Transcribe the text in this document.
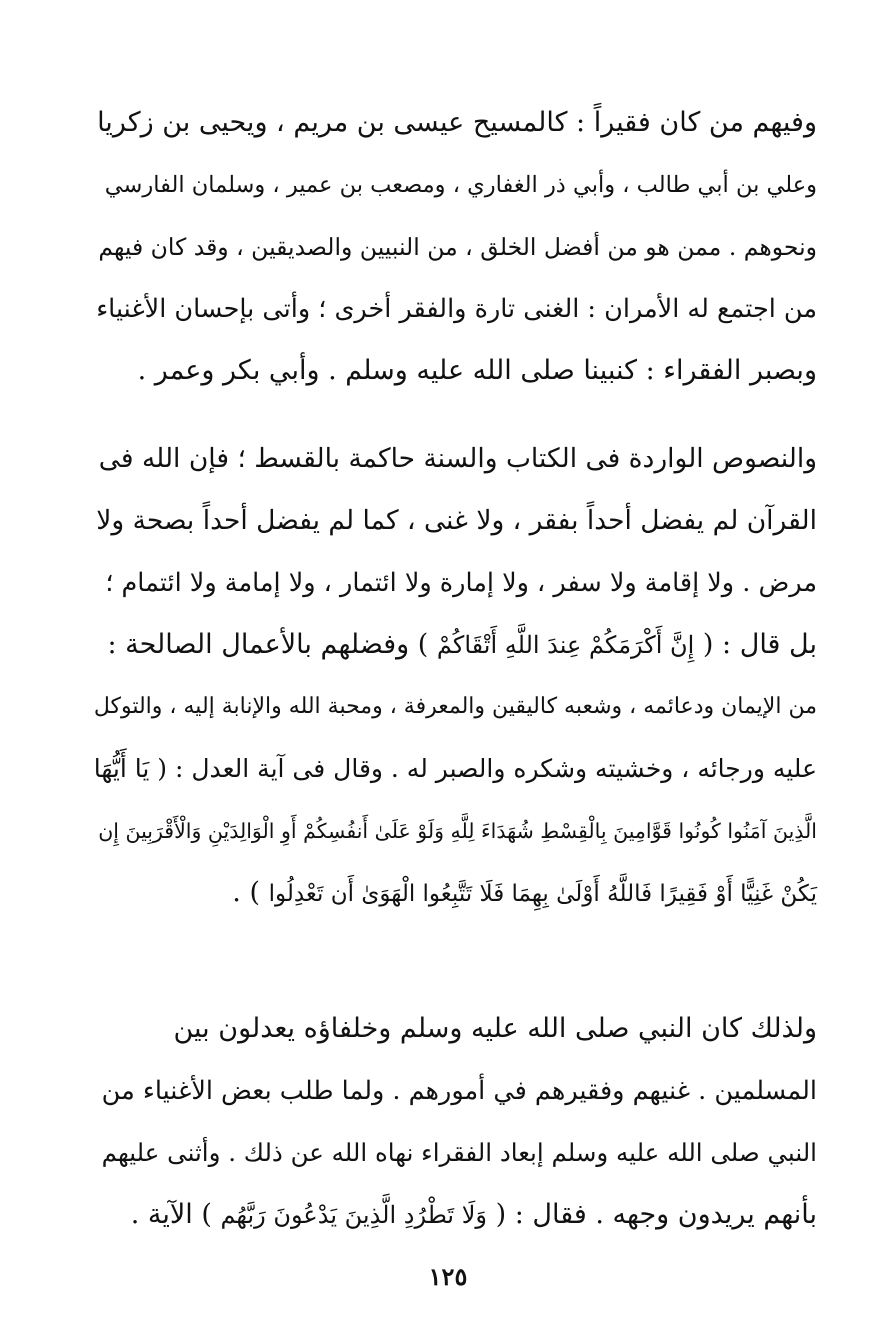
وفيهم من كان فقيراً : كالمسيح عيسى بن مريم ، ويحيى بن زكريا
وعلي بن أبي طالب ، وأبي ذر الغفاري ، ومصعب بن عمير ، وسلمان الفارسي
ونحوهم . ممن هو من أفضل الخلق ، من النبيين والصديقين ، وقد كان فيهم
من اجتمع له الأمران : الغنى تارة والفقر أخرى ؛ وأتى بإحسان الأغنياء
وبصبر الفقراء : كنبينا صلى الله عليه وسلم . وأبي بكر وعمر .

والنصوص الواردة فى الكتاب والسنة حاكمة بالقسط ؛ فإن الله فى
القرآن لم يفضل أحداً بفقر ، ولا غنى ، كما لم يفضل أحداً بصحة ولا
مرض . ولا إقامة ولا سفر ، ولا إمارة ولا ائتمار ، ولا إمامة ولا ائتمام ؛
بل قال : ( إِنَّ أَكْرَمَكُمْ عِندَ اللَّهِ أَتْقَاكُمْ ) وفضلهم بالأعمال الصالحة :
من الإيمان ودعائمه ، وشعبه كاليقين والمعرفة ، ومحبة الله والإنابة إليه ، والتوكل
عليه ورجائه ، وخشيته وشكره والصبر له . وقال فى آية العدل : ( يَا أَيُّهَا
الَّذِينَ آمَنُوا كُونُوا قَوَّامِينَ بِالْقِسْطِ شُهَدَاءَ لِلَّهِ وَلَوْ عَلَىٰ أَنفُسِكُمْ أَوِ الْوَالِدَيْنِ وَالْأَقْرَبِينَ إِن
يَكُنْ غَنِيًّا أَوْ فَقِيرًا فَاللَّهُ أَوْلَىٰ بِهِمَا فَلَا تَتَّبِعُوا الْهَوَىٰ أَن تَعْدِلُوا ) .

ولذلك كان النبي صلى الله عليه وسلم وخلفاؤه يعدلون بين
المسلمين . غنيهم وفقيرهم في أمورهم . ولما طلب بعض الأغنياء من
النبي صلى الله عليه وسلم إبعاد الفقراء نهاه الله عن ذلك . وأثنى عليهم
بأنهم يريدون وجهه . فقال : ( وَلَا تَطْرُدِ الَّذِينَ يَدْعُونَ رَبَّهُم ) الآية .

١٢٥
